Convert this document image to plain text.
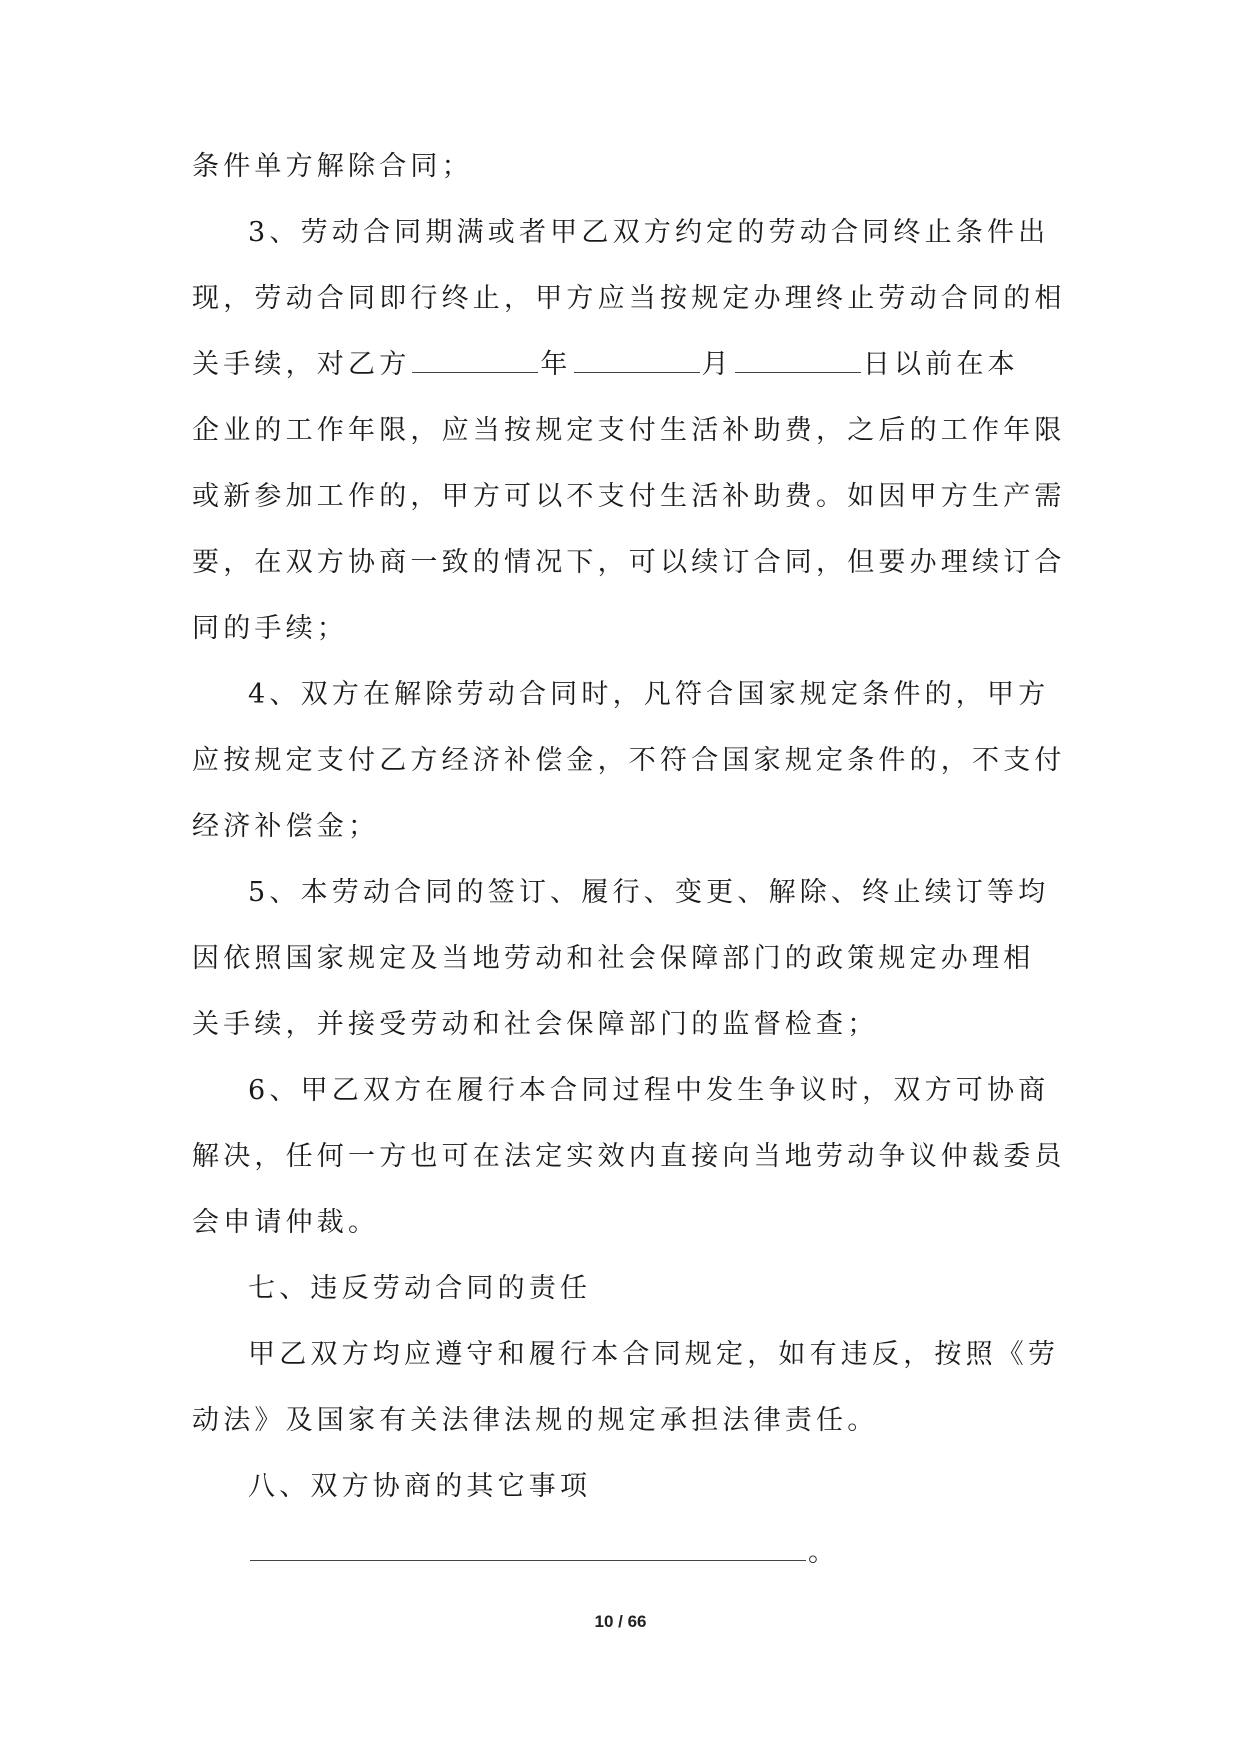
条件单方解除合同；
3、劳动合同期满或者甲乙双方约定的劳动合同终止条件出
现，劳动合同即行终止，甲方应当按规定办理终止劳动合同的相
关手续，对乙方	年	月	日以前在本
企业的工作年限，应当按规定支付生活补助费，之后的工作年限
或新参加工作的，甲方可以不支付生活补助费。如因甲方生产需
要，在双方协商一致的情况下，可以续订合同，但要办理续订合
同的手续；
4、双方在解除劳动合同时，凡符合国家规定条件的，甲方
应按规定支付乙方经济补偿金，不符合国家规定条件的，不支付
经济补偿金；
5、本劳动合同的签订、履行、变更、解除、终止续订等均
因依照国家规定及当地劳动和社会保障部门的政策规定办理相
关手续，并接受劳动和社会保障部门的监督检查；
6、甲乙双方在履行本合同过程中发生争议时，双方可协商
解决，任何一方也可在法定实效内直接向当地劳动争议仲裁委员
会申请仲裁。
七、违反劳动合同的责任
甲乙双方均应遵守和履行本合同规定，如有违反，按照《劳
动法》及国家有关法律法规的规定承担法律责任。
八、双方协商的其它事项
。
10 / 66
